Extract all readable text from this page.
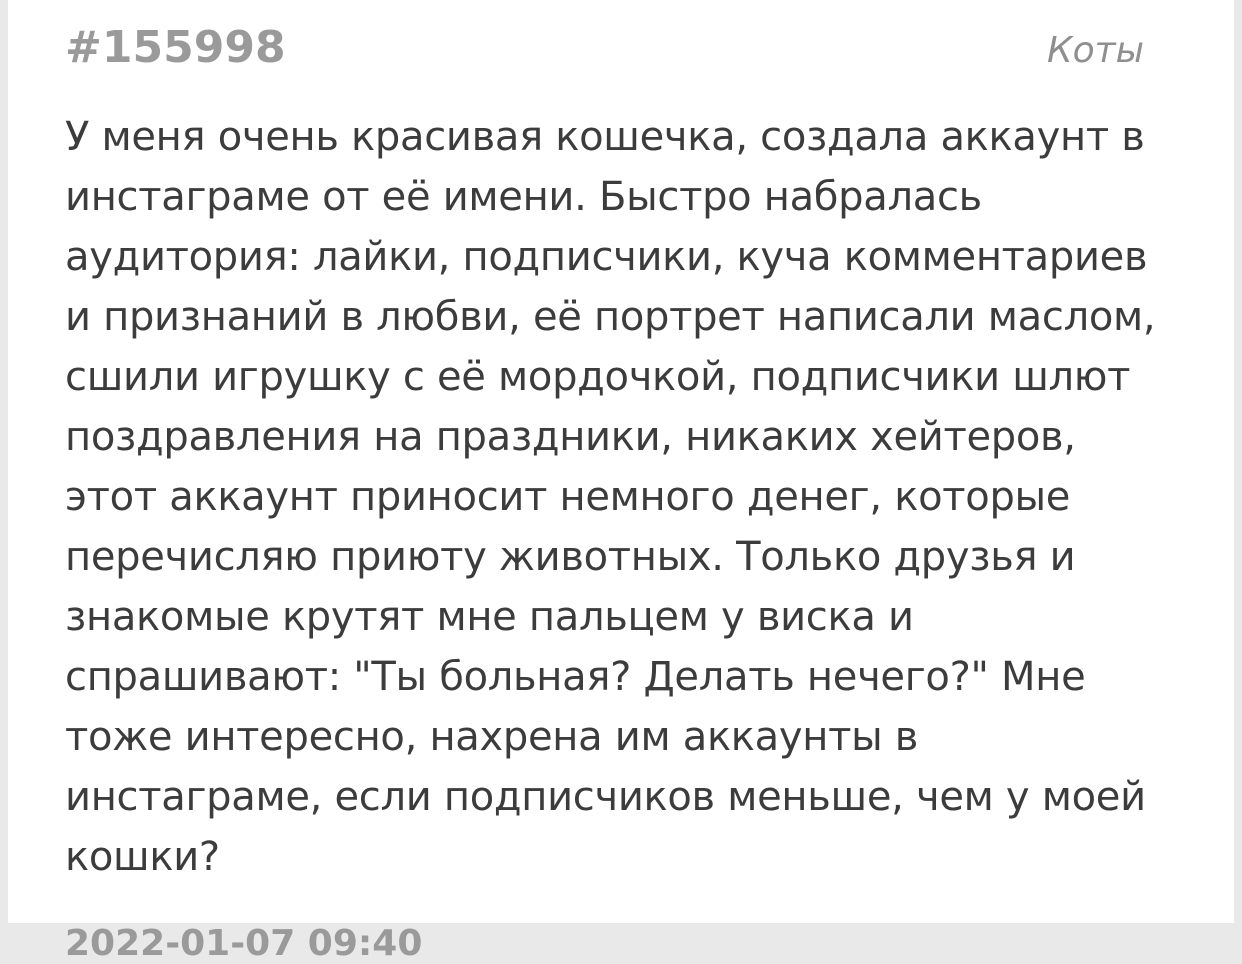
#155998	Коты

У меня очень красивая кошечка, создала аккаунт в инстаграме от её имени. Быстро набралась аудитория: лайки, подписчики, куча комментариев и признаний в любви, её портрет написали маслом, сшили игрушку с её мордочкой, подписчики шлют поздравления на праздники, никаких хейтеров, этот аккаунт приносит немного денег, которые перечисляю приюту животных. Только друзья и знакомые крутят мне пальцем у виска и спрашивают: "Ты больная? Делать нечего?" Мне тоже интересно, нахрена им аккаунты в инстаграме, если подписчиков меньше, чем у моей кошки?

2022-01-07 09:40
